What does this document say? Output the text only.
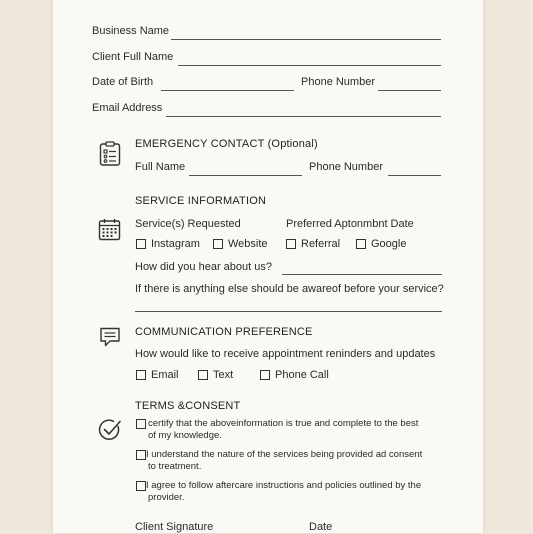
Business Name
Client Full Name
Date of Birth	Phone Number
Email Address
EMERGENCY CONTACT (Optional)
Full Name	Phone Number
SERVICE INFORMATION
Service(s) Requested	Preferred Aptonmbnt Date
Instagram	Website	Referral	Google
How did you hear about us?
If there is anything else should be awareof before your service?
COMMUNICATION PREFERENCE
How would like to receive appointment reninders and updates
Email	Text	Phone Call
TERMS &CONSENT
certify that the aboveinformation is true and complete to the best
of my knowledge.
I understand the nature of the services being provided ad consent
to treatment.
I agree to follow aftercare instructions and policies outlined by the
provider.
Client Signature	Date
